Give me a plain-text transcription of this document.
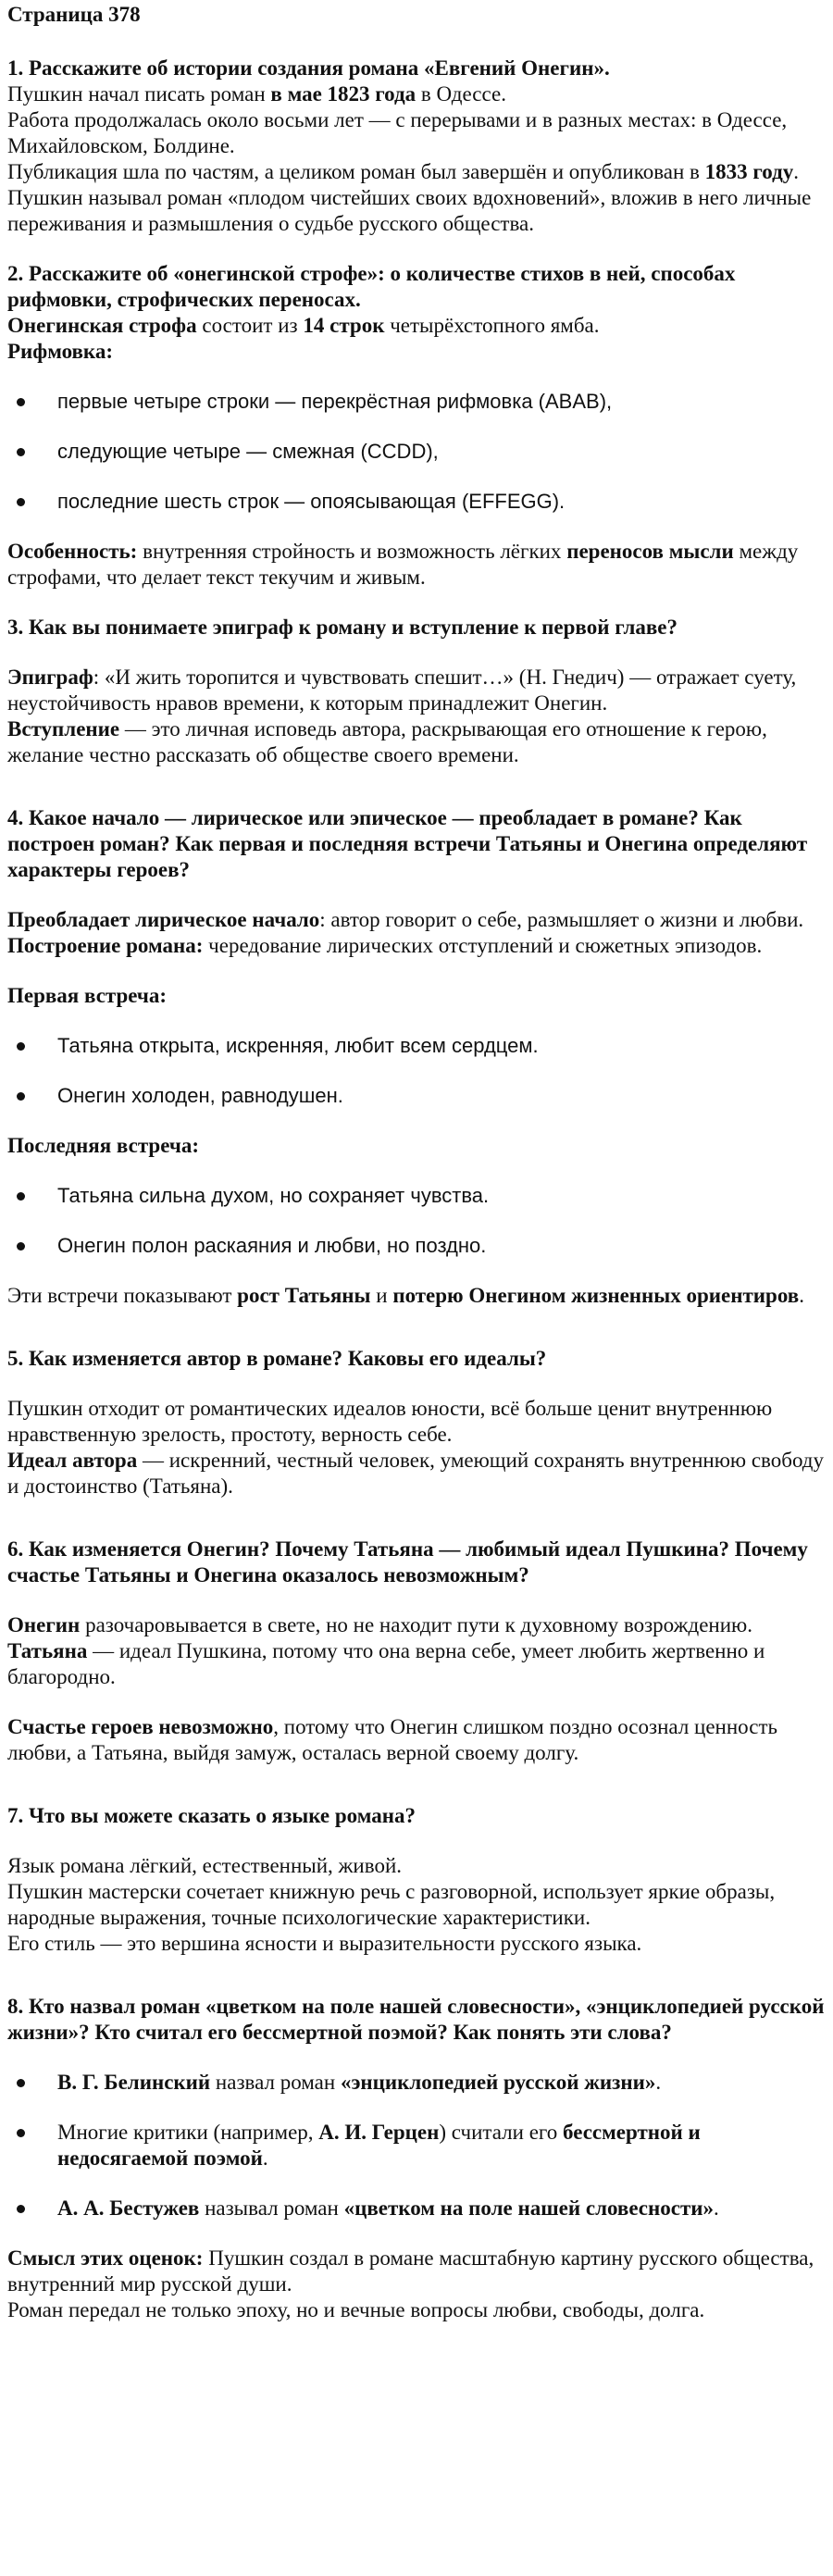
Страница 378

1. Расскажите об истории создания романа «Евгений Онегин».

Пушкин начал писать роман в мае 1823 года в Одессе.

Работа продолжалась около восьми лет — с перерывами и в разных местах: в Одессе, Михайловском, Болдине.

Публикация шла по частям, а целиком роман был завершён и опубликован в 1833 году.

Пушкин называл роман «плодом чистейших своих вдохновений», вложив в него личные переживания и размышления о судьбе русского общества.

2. Расскажите об «онегинской строфе»: о количестве стихов в ней, способах рифмовки, строфических переносах.

Онегинская строфа состоит из 14 строк четырёхстопного ямба.

Рифмовка:

первые четыре строки — перекрёстная рифмовка (ABAB),
следующие четыре — смежная (CCDD),
последние шесть строк — опоясывающая (EFFEGG).

Особенность: внутренняя стройность и возможность лёгких переносов мысли между строфами, что делает текст текучим и живым.

3. Как вы понимаете эпиграф к роману и вступление к первой главе?

Эпиграф: «И жить торопится и чувствовать спешит…» (Н. Гнедич) — отражает суету, неустойчивость нравов времени, к которым принадлежит Онегин.

Вступление — это личная исповедь автора, раскрывающая его отношение к герою, желание честно рассказать об обществе своего времени.

4. Какое начало — лирическое или эпическое — преобладает в романе? Как построен роман? Как первая и последняя встречи Татьяны и Онегина определяют характеры героев?

Преобладает лирическое начало: автор говорит о себе, размышляет о жизни и любви.

Построение романа: чередование лирических отступлений и сюжетных эпизодов.

Первая встреча:

Татьяна открыта, искренняя, любит всем сердцем.
Онегин холоден, равнодушен.

Последняя встреча:

Татьяна сильна духом, но сохраняет чувства.
Онегин полон раскаяния и любви, но поздно.

Эти встречи показывают рост Татьяны и потерю Онегином жизненных ориентиров.

5. Как изменяется автор в романе? Каковы его идеалы?

Пушкин отходит от романтических идеалов юности, всё больше ценит внутреннюю нравственную зрелость, простоту, верность себе.

Идеал автора — искренний, честный человек, умеющий сохранять внутреннюю свободу и достоинство (Татьяна).

6. Как изменяется Онегин? Почему Татьяна — любимый идеал Пушкина? Почему счастье Татьяны и Онегина оказалось невозможным?

Онегин разочаровывается в свете, но не находит пути к духовному возрождению.

Татьяна — идеал Пушкина, потому что она верна себе, умеет любить жертвенно и благородно.

Счастье героев невозможно, потому что Онегин слишком поздно осознал ценность любви, а Татьяна, выйдя замуж, осталась верной своему долгу.

7. Что вы можете сказать о языке романа?

Язык романа лёгкий, естественный, живой.

Пушкин мастерски сочетает книжную речь с разговорной, использует яркие образы, народные выражения, точные психологические характеристики.

Его стиль — это вершина ясности и выразительности русского языка.

8. Кто назвал роман «цветком на поле нашей словесности», «энциклопедией русской жизни»? Кто считал его бессмертной поэмой? Как понять эти слова?

В. Г. Белинский назвал роман «энциклопедией русской жизни».
Многие критики (например, А. И. Герцен) считали его бессмертной и недосягаемой поэмой.
А. А. Бестужев называл роман «цветком на поле нашей словесности».

Смысл этих оценок: Пушкин создал в романе масштабную картину русского общества, внутренний мир русской души.

Роман передал не только эпоху, но и вечные вопросы любви, свободы, долга.
